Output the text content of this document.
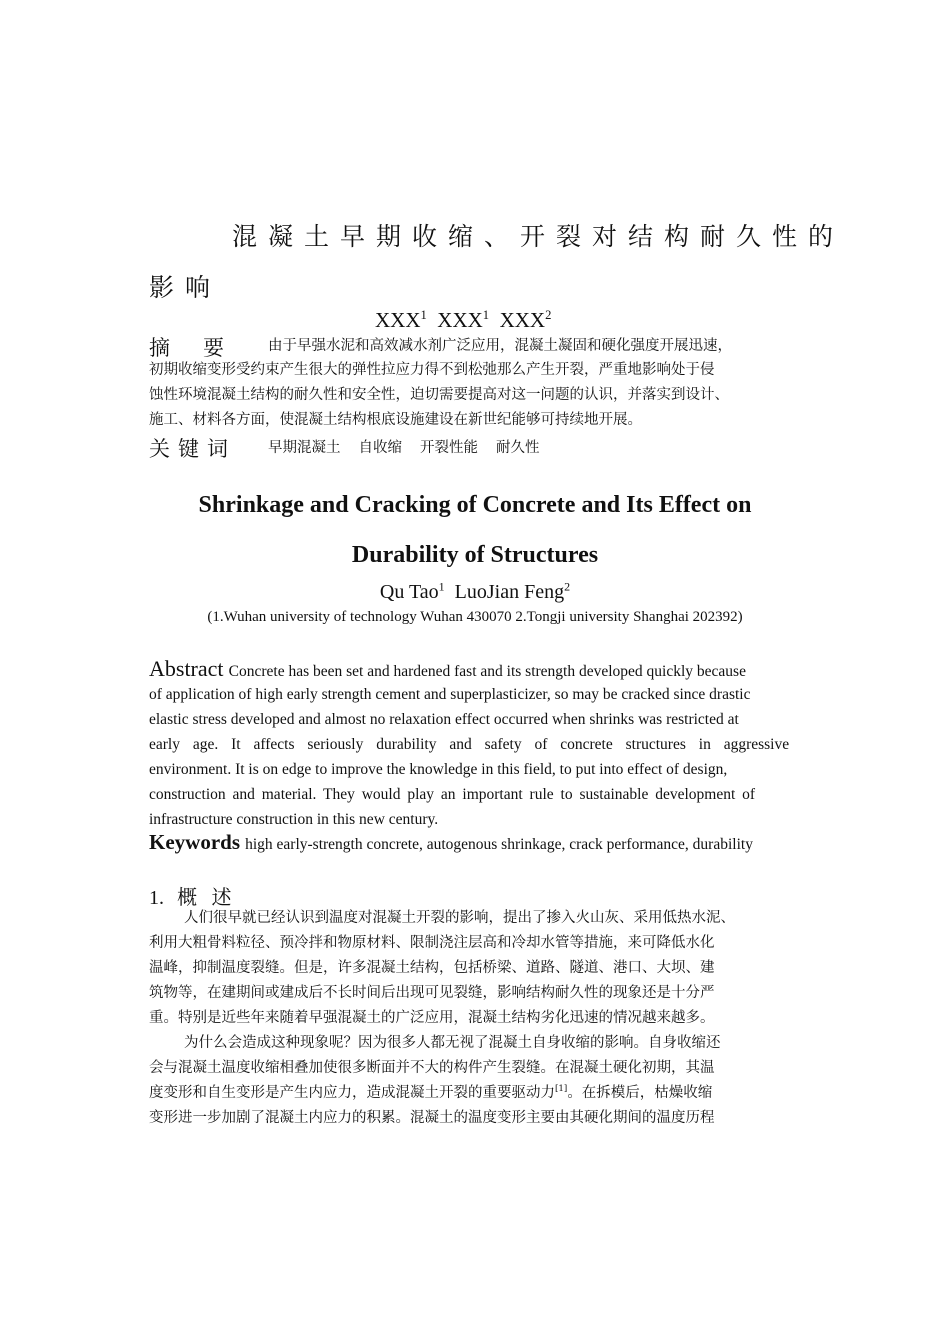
混凝土早期收缩、开裂对结构耐久性的
影响
XXX$^1$ XXX$^1$ XXX$^2$
摘　要	由于早强水泥和高效减水剂广泛应用，混凝土凝固和硬化强度开展迅速，
初期收缩变形受约束产生很大的弹性拉应力得不到松弛那么产生开裂，严重地影响处于侵
蚀性环境混凝土结构的耐久性和安全性，迫切需要提高对这一问题的认识，并落实到设计、
施工、材料各方面，使混凝土结构根底设施建设在新世纪能够可持续地开展。
关键词 早期混凝土 自收缩 开裂性能 耐久性
Shrinkage and Cracking of Concrete and Its Effect on
Durability of Structures
Qu Tao$^1$ LuoJian Feng$^2$
(1.Wuhan university of technology Wuhan 430070 2.Tongji university Shanghai 202392)
Abstract Concrete has been set and hardened fast and its strength developed quickly because
of application of high early strength cement and superplasticizer, so may be cracked since drastic
elastic stress developed and almost no relaxation effect occurred when shrinks was restricted at
early age. It affects seriously durability and safety of concrete structures in aggressive
environment. It is on edge to improve the knowledge in this field, to put into effect of design,
construction and material. They would play an important rule to sustainable development of
infrastructure construction in this new century.
Keywords high early-strength concrete, autogenous shrinkage, crack performance, durability
1. 概 述
人们很早就已经认识到温度对混凝土开裂的影响，提出了掺入火山灰、采用低热水泥、
利用大粗骨料粒径、预冷拌和物原材料、限制浇注层高和冷却水管等措施，来可降低水化
温峰，抑制温度裂缝。但是，许多混凝土结构，包括桥梁、道路、隧道、港口、大坝、建
筑物等，在建期间或建成后不长时间后出现可见裂缝，影响结构耐久性的现象还是十分严
重。特别是近些年来随着早强混凝土的广泛应用，混凝土结构劣化迅速的情况越来越多。
为什么会造成这种现象呢？因为很多人都无视了混凝土自身收缩的影响。自身收缩还
会与混凝土温度收缩相叠加使很多断面并不大的构件产生裂缝。在混凝土硬化初期，其温
度变形和自生变形是产生内应力，造成混凝土开裂的重要驱动力[1]。在拆模后，枯燥收缩
变形进一步加剧了混凝土内应力的积累。混凝土的温度变形主要由其硬化期间的温度历程
